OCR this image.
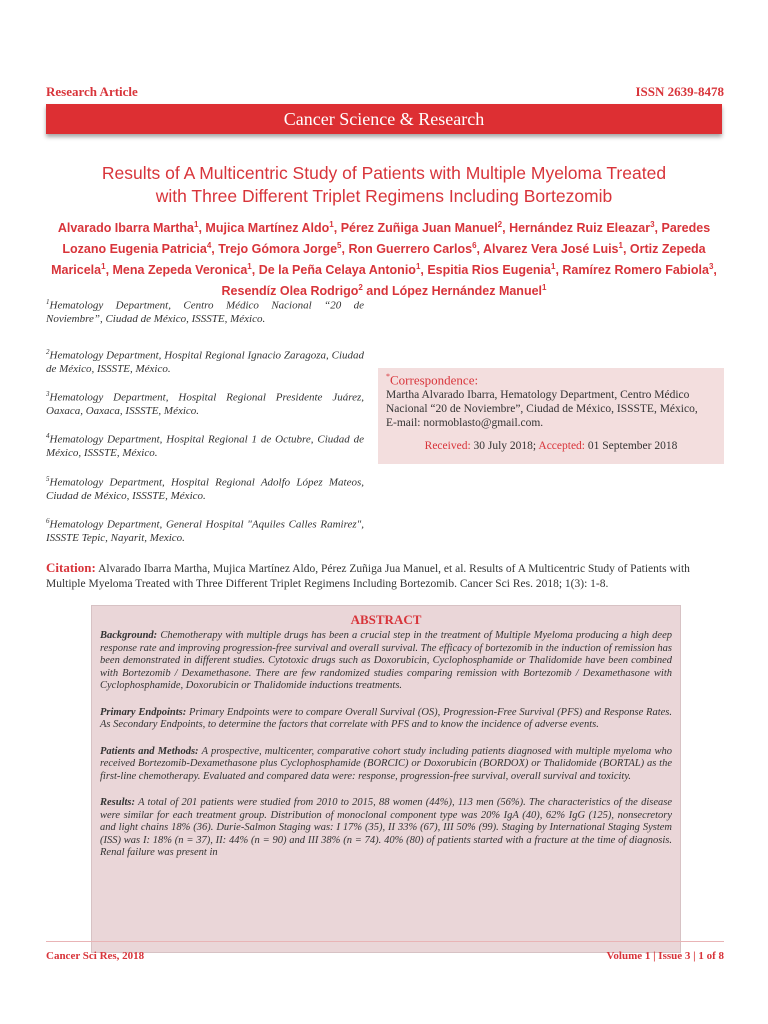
Research Article	ISSN 2639-8478
Cancer Science & Research
Results of A Multicentric Study of Patients with Multiple Myeloma Treated
with Three Different Triplet Regimens Including Bortezomib
Alvarado Ibarra Martha$^1$, Mujica Martínez Aldo$^1$, Pérez Zuñiga Juan Manuel$^2$, Hernández Ruiz Eleazar$^3$, Paredes Lozano Eugenia Patricia$^4$, Trejo Gómora Jorge$^5$, Ron Guerrero Carlos$^6$, Alvarez Vera José Luis$^1$, Ortiz Zepeda Maricela$^1$, Mena Zepeda Veronica$^1$, De la Peña Celaya Antonio$^1$, Espitia Rios Eugenia$^1$, Ramírez Romero Fabiola$^3$, Resendíz Olea Rodrigo$^2$ and López Hernández Manuel$^1$
$^1$Hematology Department, Centro Médico Nacional “20 de Noviembre”, Ciudad de México, ISSSTE, México.
$^2$Hematology Department, Hospital Regional Ignacio Zaragoza, Ciudad de México, ISSSTE, México.
$^3$Hematology Department, Hospital Regional Presidente Juárez, Oaxaca, Oaxaca, ISSSTE, México.
$^4$Hematology Department, Hospital Regional 1 de Octubre, Ciudad de México, ISSSTE, México.
$^5$Hematology Department, Hospital Regional Adolfo López Mateos, Ciudad de México, ISSSTE, México.
$^6$Hematology Department, General Hospital "Aquiles Calles Ramirez", ISSSTE Tepic, Nayarit, Mexico.
*Correspondence:
Martha Alvarado Ibarra, Hematology Department, Centro Médico Nacional “20 de Noviembre”, Ciudad de México, ISSSTE, México,
E-mail: normoblasto@gmail.com.
Received: 30 July 2018; Accepted: 01 September 2018
Citation: Alvarado Ibarra Martha, Mujica Martínez Aldo, Pérez Zuñiga Jua Manuel, et al. Results of A Multicentric Study of Patients with Multiple Myeloma Treated with Three Different Triplet Regimens Including Bortezomib. Cancer Sci Res. 2018; 1(3): 1-8.
ABSTRACT

Background: Chemotherapy with multiple drugs has been a crucial step in the treatment of Multiple Myeloma producing a high deep response rate and improving progression-free survival and overall survival. The efficacy of bortezomib in the induction of remission has been demonstrated in different studies. Cytotoxic drugs such as Doxorubicin, Cyclophosphamide or Thalidomide have been combined with Bortezomib / Dexamethasone. There are few randomized studies comparing remission with Bortezomib / Dexamethasone with Cyclophosphamide, Doxorubicin or Thalidomide inductions treatments.

Primary Endpoints: Primary Endpoints were to compare Overall Survival (OS), Progression-Free Survival (PFS) and Response Rates. As Secondary Endpoints, to determine the factors that correlate with PFS and to know the incidence of adverse events.

Patients and Methods: A prospective, multicenter, comparative cohort study including patients diagnosed with multiple myeloma who received Bortezomib-Dexamethasone plus Cyclophosphamide (BORCIC) or Doxorubicin (BORDOX) or Thalidomide (BORTAL) as the first-line chemotherapy. Evaluated and compared data were: response, progression-free survival, overall survival and toxicity.

Results: A total of 201 patients were studied from 2010 to 2015, 88 women (44%), 113 men (56%). The characteristics of the disease were similar for each treatment group. Distribution of monoclonal component type was 20% IgA (40), 62% IgG (125), nonsecretory and light chains 18% (36). Durie-Salmon Staging was: I 17% (35), II 33% (67), III 50% (99). Staging by International Staging System (ISS) was I: 18% (n = 37), II: 44% (n = 90) and III 38% (n = 74). 40% (80) of patients started with a fracture at the time of diagnosis. Renal failure was present in

Cancer Sci Res, 2018	Volume 1 | Issue 3 | 1 of 8
